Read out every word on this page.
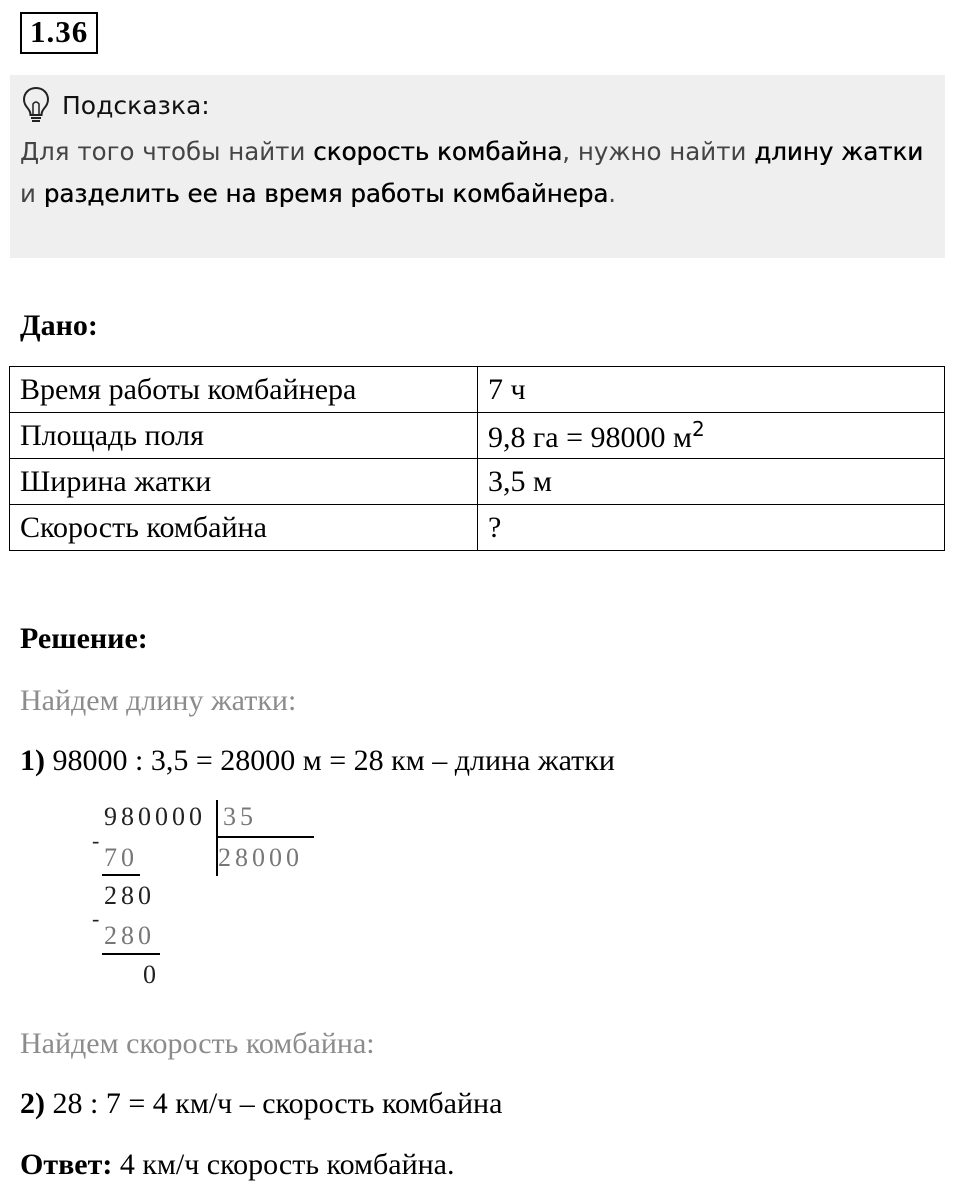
1.36
Подсказка:
Для того чтобы найти скорость комбайна, нужно найти длину жатки и разделить ее на время работы комбайнера.
Дано:
Время работы комбайнера	7 ч
Площадь поля	9,8 га = 98000 $м^2$
Ширина жатки	3,5 м
Скорость комбайна	?
Решение:
Найдем длину жатки:
1) 98000 : 3,5 = 28000 м = 28 км – длина жатки
980000 35
28000
-
70
280
-
280
0
Найдем скорость комбайна:
2) 28 : 7 = 4 км/ч – скорость комбайна
Ответ: 4 км/ч скорость комбайна.
